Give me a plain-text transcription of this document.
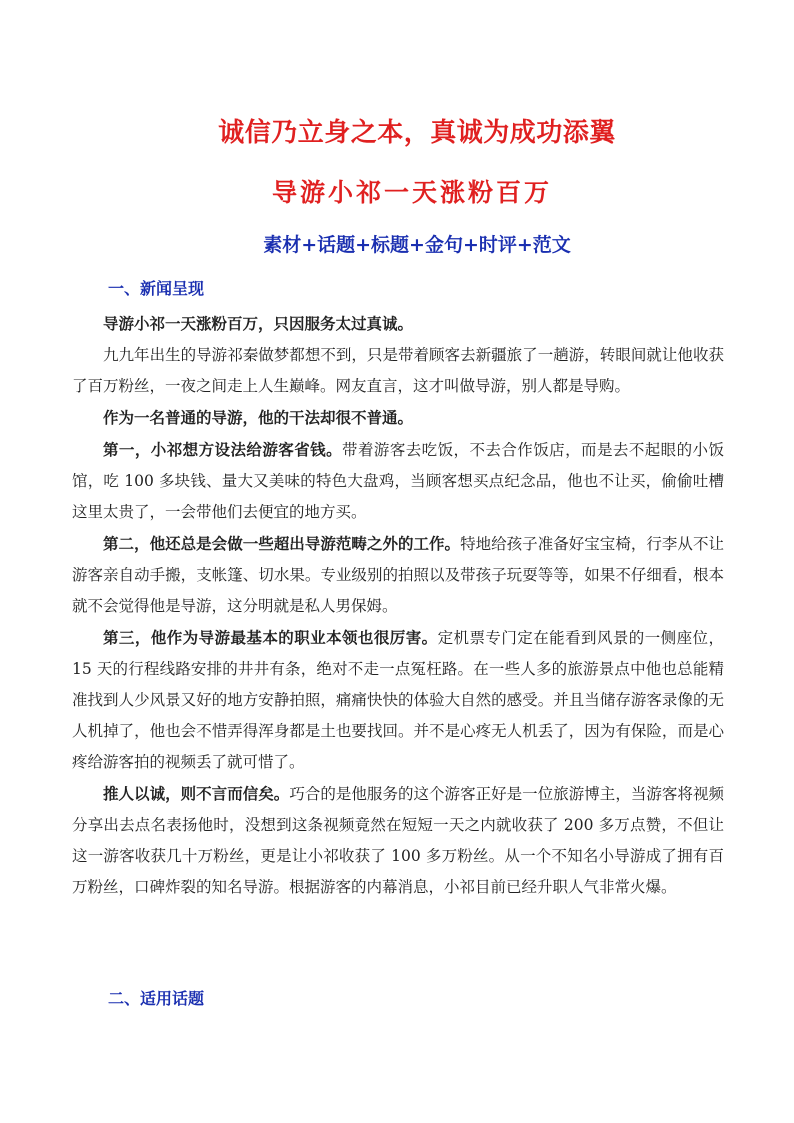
诚信乃立身之本，真诚为成功添翼
导游小祁一天涨粉百万
素材+话题+标题+金句+时评+范文
一、新闻呈现

导游小祁一天涨粉百万，只因服务太过真诚。

九九年出生的导游祁秦做梦都想不到，只是带着顾客去新疆旅了一趟游，转眼间就让他收获了百万粉丝，一夜之间走上人生巅峰。网友直言，这才叫做导游，别人都是导购。

作为一名普通的导游，他的干法却很不普通。

第一，小祁想方设法给游客省钱。带着游客去吃饭，不去合作饭店，而是去不起眼的小饭馆，吃 100 多块钱、量大又美味的特色大盘鸡，当顾客想买点纪念品，他也不让买，偷偷吐槽这里太贵了，一会带他们去便宜的地方买。

第二，他还总是会做一些超出导游范畴之外的工作。特地给孩子准备好宝宝椅，行李从不让游客亲自动手搬，支帐篷、切水果。专业级别的拍照以及带孩子玩耍等等，如果不仔细看，根本就不会觉得他是导游，这分明就是私人男保姆。

第三，他作为导游最基本的职业本领也很厉害。定机票专门定在能看到风景的一侧座位，15 天的行程线路安排的井井有条，绝对不走一点冤枉路。在一些人多的旅游景点中他也总能精准找到人少风景又好的地方安静拍照，痛痛快快的体验大自然的感受。并且当储存游客录像的无人机掉了，他也会不惜弄得浑身都是土也要找回。并不是心疼无人机丢了，因为有保险，而是心疼给游客拍的视频丢了就可惜了。

推人以诚，则不言而信矣。巧合的是他服务的这个游客正好是一位旅游博主，当游客将视频分享出去点名表扬他时，没想到这条视频竟然在短短一天之内就收获了 200 多万点赞，不但让这一游客收获几十万粉丝，更是让小祁收获了 100 多万粉丝。从一个不知名小导游成了拥有百万粉丝，口碑炸裂的知名导游。根据游客的内幕消息，小祁目前已经升职人气非常火爆。

二、适用话题
